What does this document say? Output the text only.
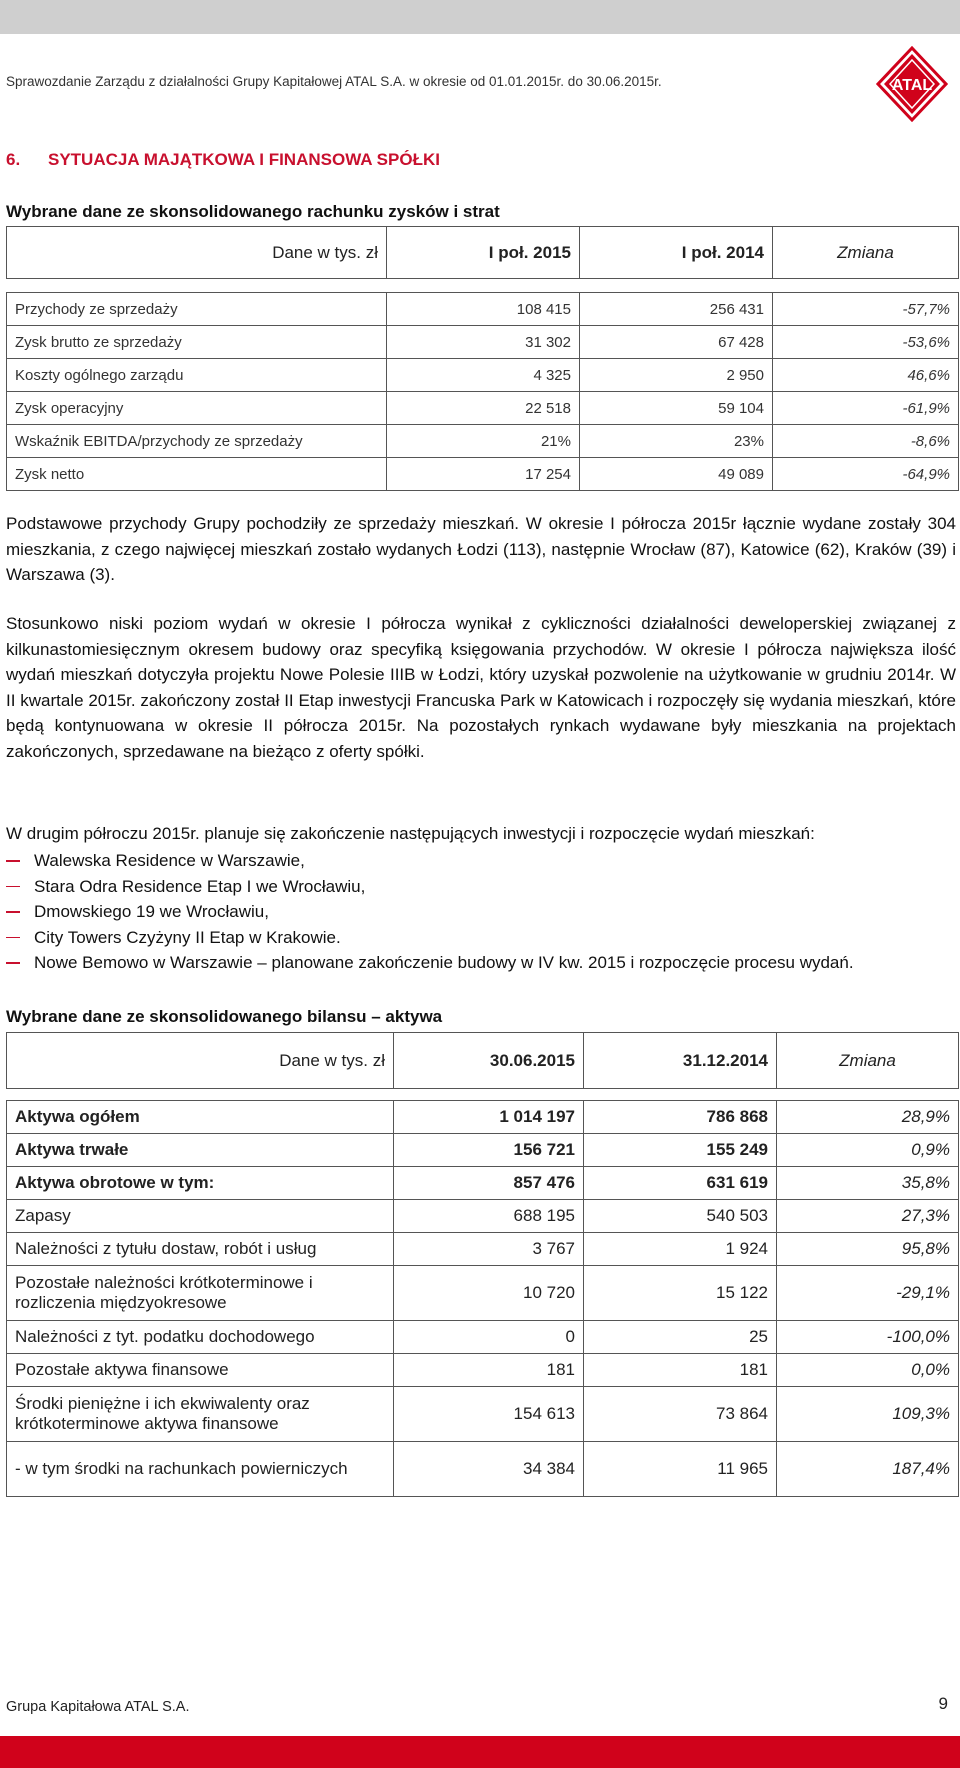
Sprawozdanie Zarządu z działalności Grupy Kapitałowej ATAL S.A. w okresie od 01.01.2015r. do 30.06.2015r.	ATAL
6. SYTUACJA MAJĄTKOWA I FINANSOWA SPÓŁKI
Wybrane dane ze skonsolidowanego rachunku zysków i strat
Dane w tys. zł	I poł. 2015	I poł. 2014	Zmiana

Przychody ze sprzedaży	108 415	256 431	-57,7%
Zysk brutto ze sprzedaży	31 302	67 428	-53,6%
Koszty ogólnego zarządu	4 325	2 950	46,6%
Zysk operacyjny	22 518	59 104	-61,9%
Wskaźnik EBITDA/przychody ze sprzedaży	21%	23%	-8,6%
Zysk netto	17 254	49 089	-64,9%

Podstawowe przychody Grupy pochodziły ze sprzedaży mieszkań. W okresie I półrocza 2015r łącznie wydane zostały 304 mieszkania, z czego najwięcej mieszkań zostało wydanych Łodzi (113), następnie Wrocław (87), Katowice (62), Kraków (39) i Warszawa (3).

Stosunkowo niski poziom wydań w okresie I półrocza wynikał z cykliczności działalności deweloperskiej związanej z kilkunastomiesięcznym okresem budowy oraz specyfiką księgowania przychodów. W okresie I półrocza największa ilość wydań mieszkań dotyczyła projektu Nowe Polesie IIIB w Łodzi, który uzyskał pozwolenie na użytkowanie w grudniu 2014r. W II kwartale 2015r. zakończony został II Etap inwestycji Francuska Park w Katowicach i rozpoczęły się wydania mieszkań, które będą kontynuowana w okresie II półrocza 2015r. Na pozostałych rynkach wydawane były mieszkania na projektach zakończonych, sprzedawane na bieżąco z oferty spółki.

W drugim półroczu 2015r. planuje się zakończenie następujących inwestycji i rozpoczęcie wydań mieszkań:

Walewska Residence w Warszawie,
Stara Odra Residence Etap I we Wrocławiu,
Dmowskiego 19 we Wrocławiu,
City Towers Czyżyny II Etap w Krakowie.
Nowe Bemowo w Warszawie – planowane zakończenie budowy w IV kw. 2015 i rozpoczęcie procesu wydań.
Wybrane dane ze skonsolidowanego bilansu – aktywa
Dane w tys. zł	30.06.2015	31.12.2014	Zmiana

Aktywa ogółem	1 014 197	786 868	28,9%
Aktywa trwałe	156 721	155 249	0,9%
Aktywa obrotowe w tym:	857 476	631 619	35,8%
Zapasy	688 195	540 503	27,3%
Należności z tytułu dostaw, robót i usług	3 767	1 924	95,8%
Pozostałe należności krótkoterminowe i rozliczenia międzyokresowe	10 720	15 122	-29,1%
Należności z tyt. podatku dochodowego	0	25	-100,0%
Pozostałe aktywa finansowe	181	181	0,0%
Środki pieniężne i ich ekwiwalenty oraz krótkoterminowe aktywa finansowe	154 613	73 864	109,3%
- w tym środki na rachunkach powierniczych	34 384	11 965	187,4%
Grupa Kapitałowa ATAL S.A.	9
